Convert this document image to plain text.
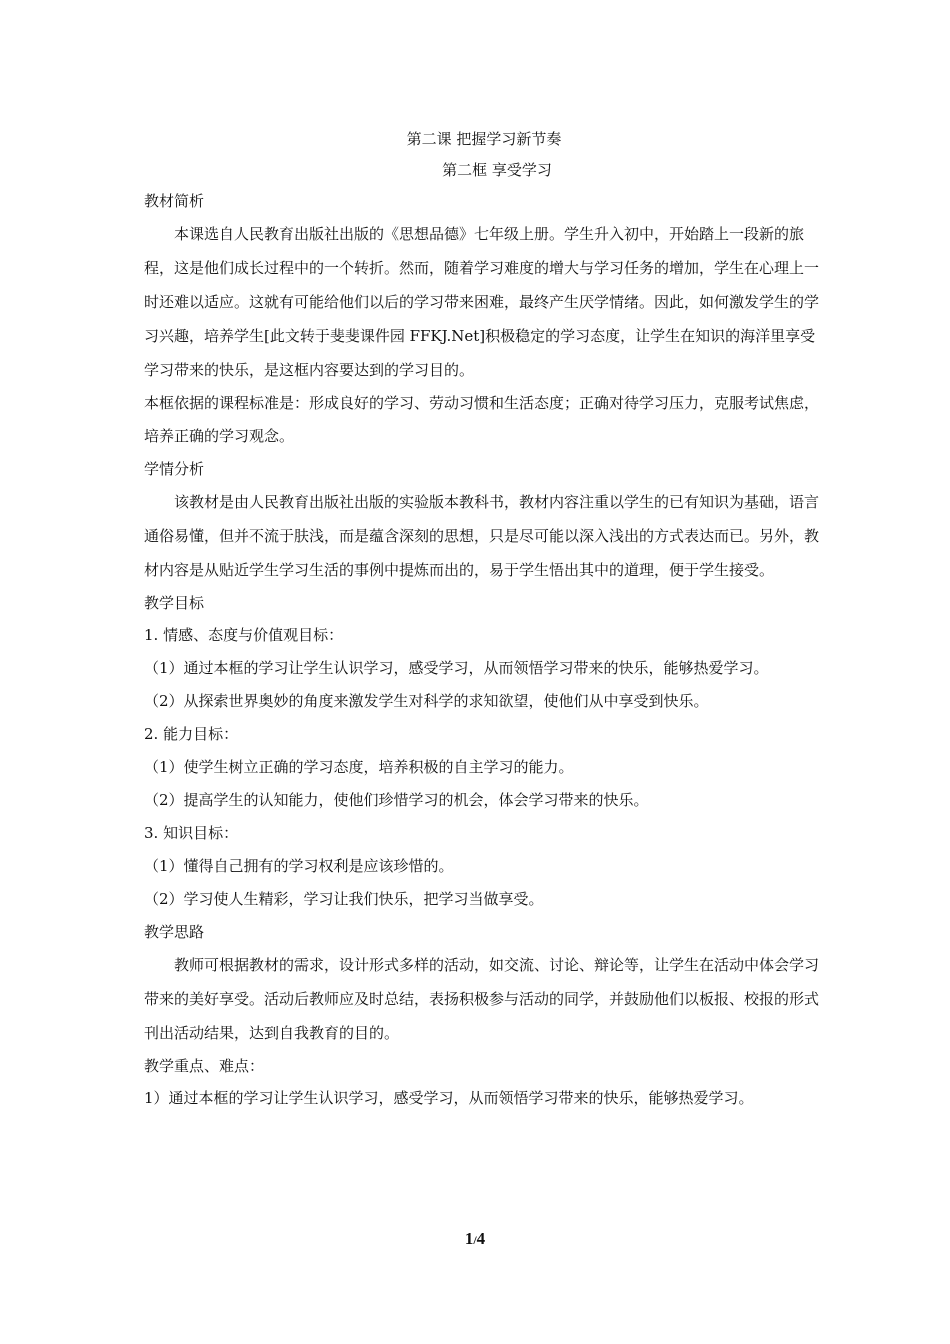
第二课 把握学习新节奏
第二框 享受学习
教材简析
本课选自人民教育出版社出版的《思想品德》七年级上册。学生升入初中，开始踏上一段新的旅程，这是他们成长过程中的一个转折。然而，随着学习难度的增大与学习任务的增加，学生在心理上一时还难以适应。这就有可能给他们以后的学习带来困难，最终产生厌学情绪。因此，如何激发学生的学习兴趣，培养学生[此文转于斐斐课件园 FFKJ.Net]积极稳定的学习态度，让学生在知识的海洋里享受学习带来的快乐，是这框内容要达到的学习目的。
本框依据的课程标准是：形成良好的学习、劳动习惯和生活态度；正确对待学习压力，克服考试焦虑，培养正确的学习观念。
学情分析
该教材是由人民教育出版社出版的实验版本教科书，教材内容注重以学生的已有知识为基础，语言通俗易懂，但并不流于肤浅，而是蕴含深刻的思想，只是尽可能以深入浅出的方式表达而已。另外，教材内容是从贴近学生学习生活的事例中提炼而出的，易于学生悟出其中的道理，便于学生接受。
教学目标
1. 情感、态度与价值观目标：
（1）通过本框的学习让学生认识学习，感受学习，从而领悟学习带来的快乐，能够热爱学习。
（2）从探索世界奥妙的角度来激发学生对科学的求知欲望，使他们从中享受到快乐。
2. 能力目标：
（1）使学生树立正确的学习态度，培养积极的自主学习的能力。
（2）提高学生的认知能力，使他们珍惜学习的机会，体会学习带来的快乐。
3. 知识目标：
（1）懂得自己拥有的学习权利是应该珍惜的。
（2）学习使人生精彩，学习让我们快乐，把学习当做享受。
教学思路
教师可根据教材的需求，设计形式多样的活动，如交流、讨论、辩论等，让学生在活动中体会学习带来的美好享受。活动后教师应及时总结，表扬积极参与活动的同学，并鼓励他们以板报、校报的形式刊出活动结果，达到自我教育的目的。
教学重点、难点：
1）通过本框的学习让学生认识学习，感受学习，从而领悟学习带来的快乐，能够热爱学习。
1/4
